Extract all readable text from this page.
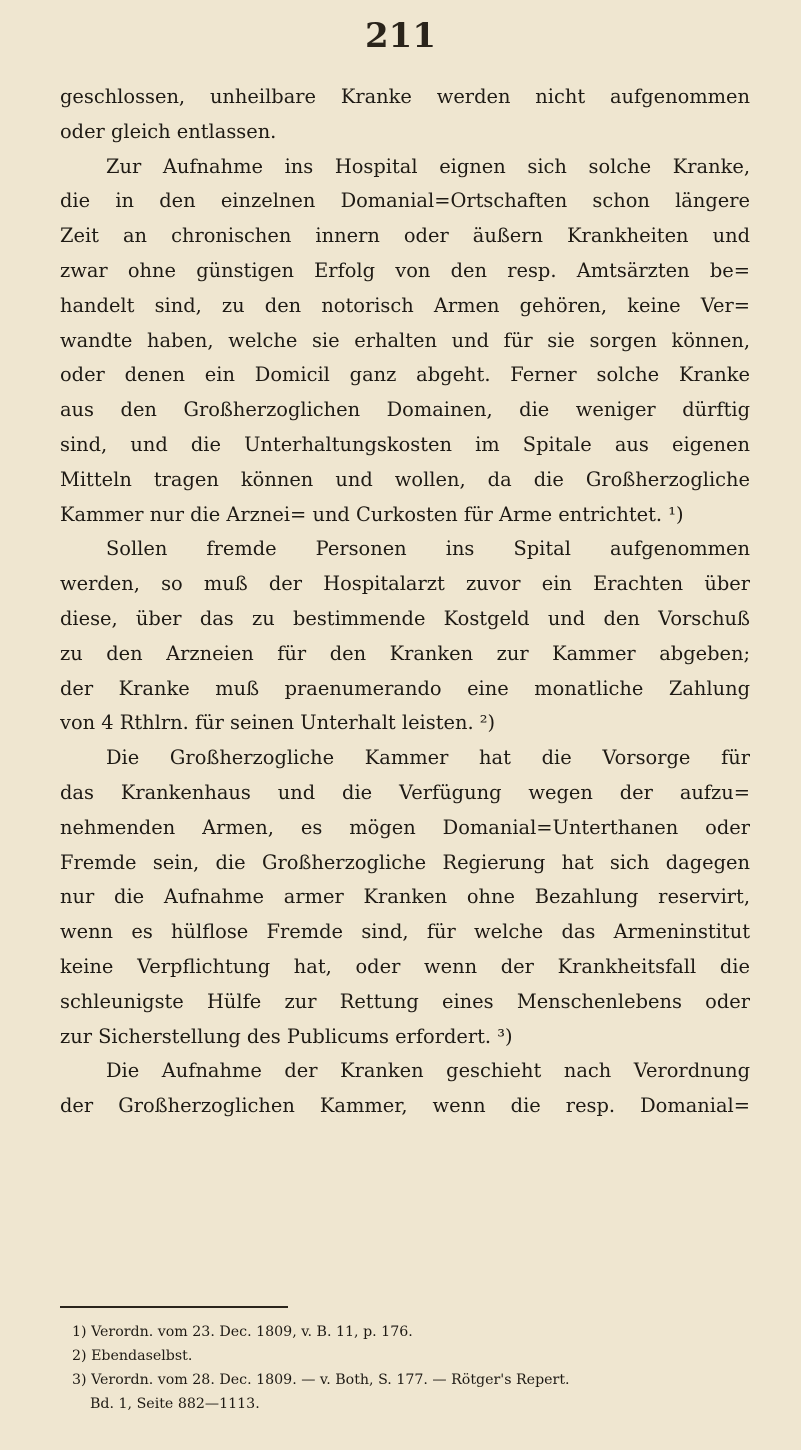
211
geschlossen, unheilbare Kranke werden nicht aufgenommen
oder gleich entlassen.
Zur Aufnahme ins Hospital eignen sich solche Kranke,
die in den einzelnen Domanial=Ortschaften schon längere
Zeit an chronischen innern oder äußern Krankheiten und
zwar ohne günstigen Erfolg von den resp. Amtsärzten be=
handelt sind, zu den notorisch Armen gehören, keine Ver=
wandte haben, welche sie erhalten und für sie sorgen können,
oder denen ein Domicil ganz abgeht. Ferner solche Kranke
aus den Großherzoglichen Domainen, die weniger dürftig
sind, und die Unterhaltungskosten im Spitale aus eigenen
Mitteln tragen können und wollen, da die Großherzogliche
Kammer nur die Arznei= und Curkosten für Arme entrichtet. ¹)
Sollen fremde Personen ins Spital aufgenommen
werden, so muß der Hospitalarzt zuvor ein Erachten über
diese, über das zu bestimmende Kostgeld und den Vorschuß
zu den Arzneien für den Kranken zur Kammer abgeben;
der Kranke muß praenumerando eine monatliche Zahlung
von 4 Rthlrn. für seinen Unterhalt leisten. ²)
Die Großherzogliche Kammer hat die Vorsorge für
das Krankenhaus und die Verfügung wegen der aufzu=
nehmenden Armen, es mögen Domanial=Unterthanen oder
Fremde sein, die Großherzogliche Regierung hat sich dagegen
nur die Aufnahme armer Kranken ohne Bezahlung reservirt,
wenn es hülflose Fremde sind, für welche das Armeninstitut
keine Verpflichtung hat, oder wenn der Krankheitsfall die
schleunigste Hülfe zur Rettung eines Menschenlebens oder
zur Sicherstellung des Publicums erfordert. ³)
Die Aufnahme der Kranken geschieht nach Verordnung
der Großherzoglichen Kammer, wenn die resp. Domanial=
1) Verordn. vom 23. Dec. 1809, v. B. 11, p. 176.
2) Ebendaselbst.
3) Verordn. vom 28. Dec. 1809. — v. Both, S. 177. — Rötger's Repert.
Bd. 1, Seite 882—1113.
